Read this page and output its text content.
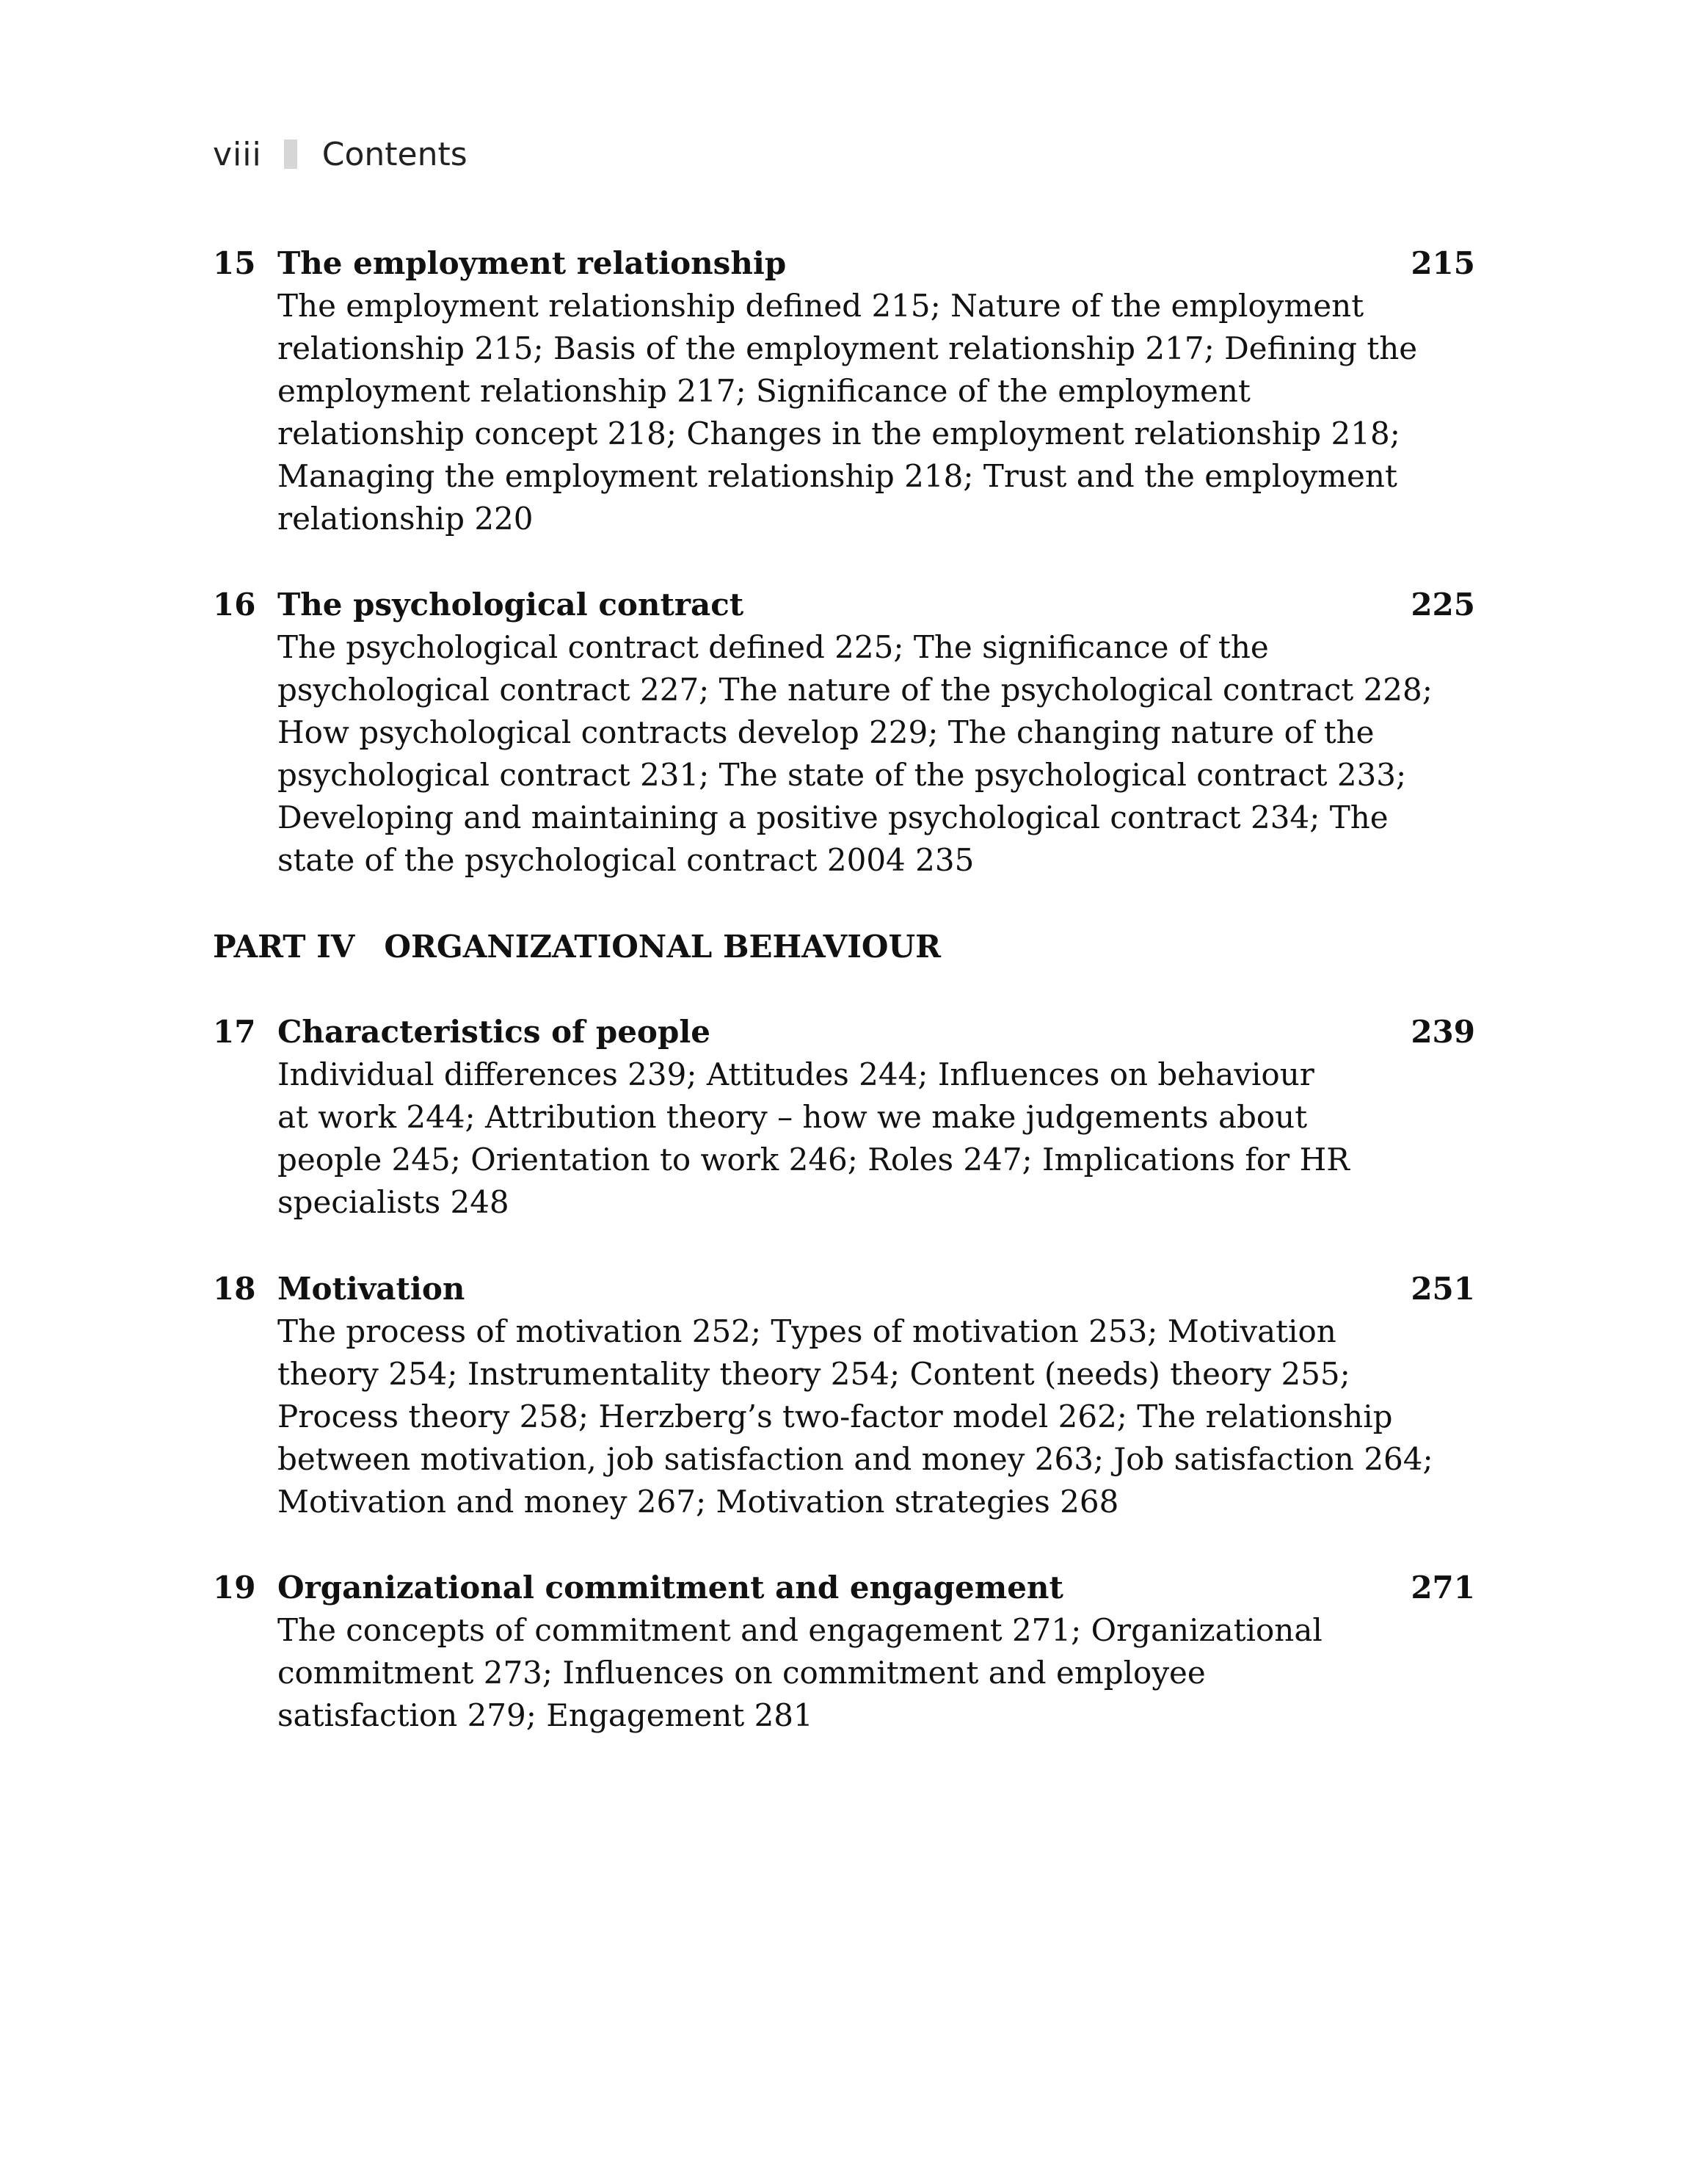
viii Contents
15 The employment relationship	215
The employment relationship defined 215; Nature of the employment
relationship 215; Basis of the employment relationship 217; Defining the
employment relationship 217; Significance of the employment
relationship concept 218; Changes in the employment relationship 218;
Managing the employment relationship 218; Trust and the employment
relationship 220
16 The psychological contract	225
The psychological contract defined 225; The significance of the
psychological contract 227; The nature of the psychological contract 228;
How psychological contracts develop 229; The changing nature of the
psychological contract 231; The state of the psychological contract 233;
Developing and maintaining a positive psychological contract 234; The
state of the psychological contract 2004 235
PART IV ORGANIZATIONAL BEHAVIOUR
17 Characteristics of people	239
Individual differences 239; Attitudes 244; Influences on behaviour
at work 244; Attribution theory – how we make judgements about
people 245; Orientation to work 246; Roles 247; Implications for HR
specialists 248
18 Motivation	251
The process of motivation 252; Types of motivation 253; Motivation
theory 254; Instrumentality theory 254; Content (needs) theory 255;
Process theory 258; Herzberg’s two-factor model 262; The relationship
between motivation, job satisfaction and money 263; Job satisfaction 264;
Motivation and money 267; Motivation strategies 268
19 Organizational commitment and engagement	271
The concepts of commitment and engagement 271; Organizational
commitment 273; Influences on commitment and employee
satisfaction 279; Engagement 281
